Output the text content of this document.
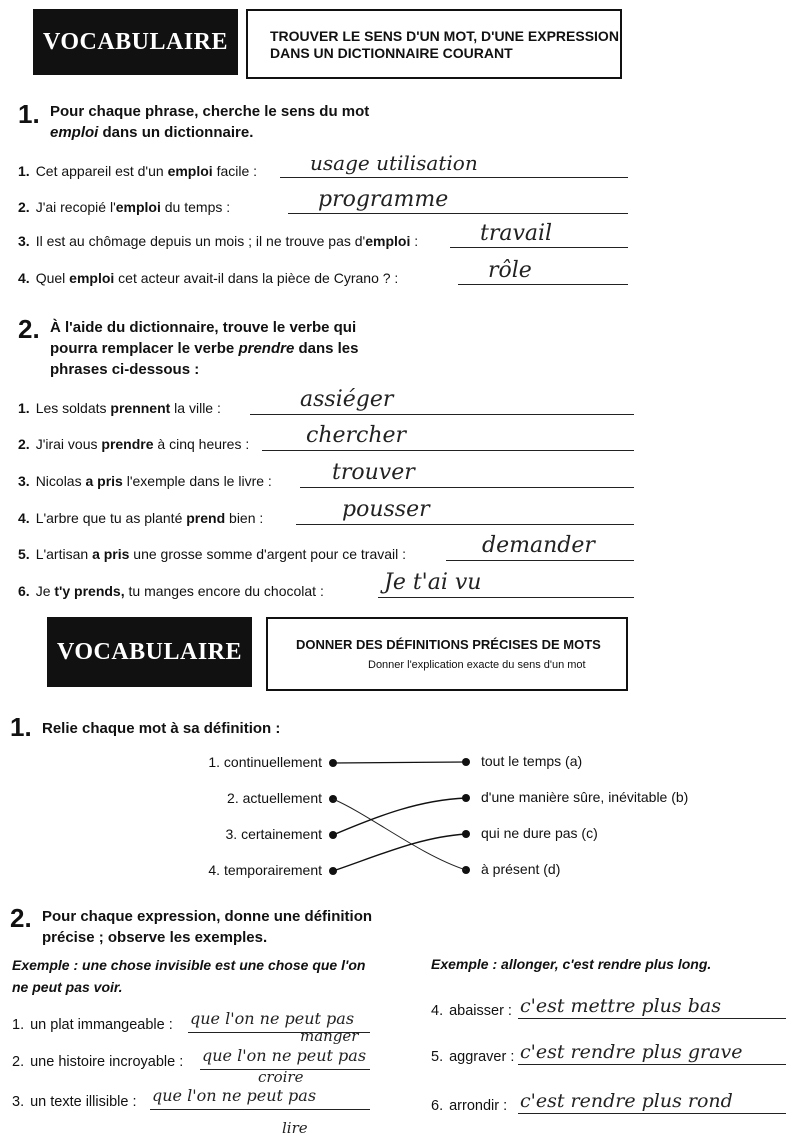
VOCABULAIRE	TROUVER LE SENS D'UN MOT, D'UNE EXPRESSION
DANS UN DICTIONNAIRE COURANT
1. Pour chaque phrase, cherche le sens du mot
emploi dans un dictionnaire.
1. Cet appareil est d'un emploi facile :	usage utilisation
2. J'ai recopié l'emploi du temps :	programme
3. Il est au chômage depuis un mois ; il ne trouve pas d'emploi :	travail
4. Quel emploi cet acteur avait-il dans la pièce de Cyrano ? :	rôle
2. À l'aide du dictionnaire, trouve le verbe qui
pourra remplacer le verbe prendre dans les
phrases ci-dessous :
1. Les soldats prennent la ville :	assiéger
2. J'irai vous prendre à cinq heures :	chercher
3. Nicolas a pris l'exemple dans le livre :	trouver
4. L'arbre que tu as planté prend bien :	pousser
5. L'artisan a pris une grosse somme d'argent pour ce travail :	demander
6. Je t'y prends, tu manges encore du chocolat :	Je t'ai vu
VOCABULAIRE	DONNER DES DÉFINITIONS PRÉCISES DE MOTS
Donner l'explication exacte du sens d'un mot
1. Relie chaque mot à sa définition :
1. continuellement
2. actuellement
3. certainement
4. temporairement
tout le temps (a)
d'une manière sûre, inévitable (b)
qui ne dure pas (c)
à présent (d)
2. Pour chaque expression, donne une définition
précise ; observe les exemples.
Exemple : une chose invisible est une chose que l'on
ne peut pas voir.
Exemple : allonger, c'est rendre plus long.
1. un plat immangeable : que l'on ne peut pas
manger
2. une histoire incroyable : que l'on ne peut pas
croire
3. un texte illisible : que l'on ne peut pas
lire
4. abaisser : c'est mettre plus bas
5. aggraver : c'est rendre plus grave
6. arrondir : c'est rendre plus rond
